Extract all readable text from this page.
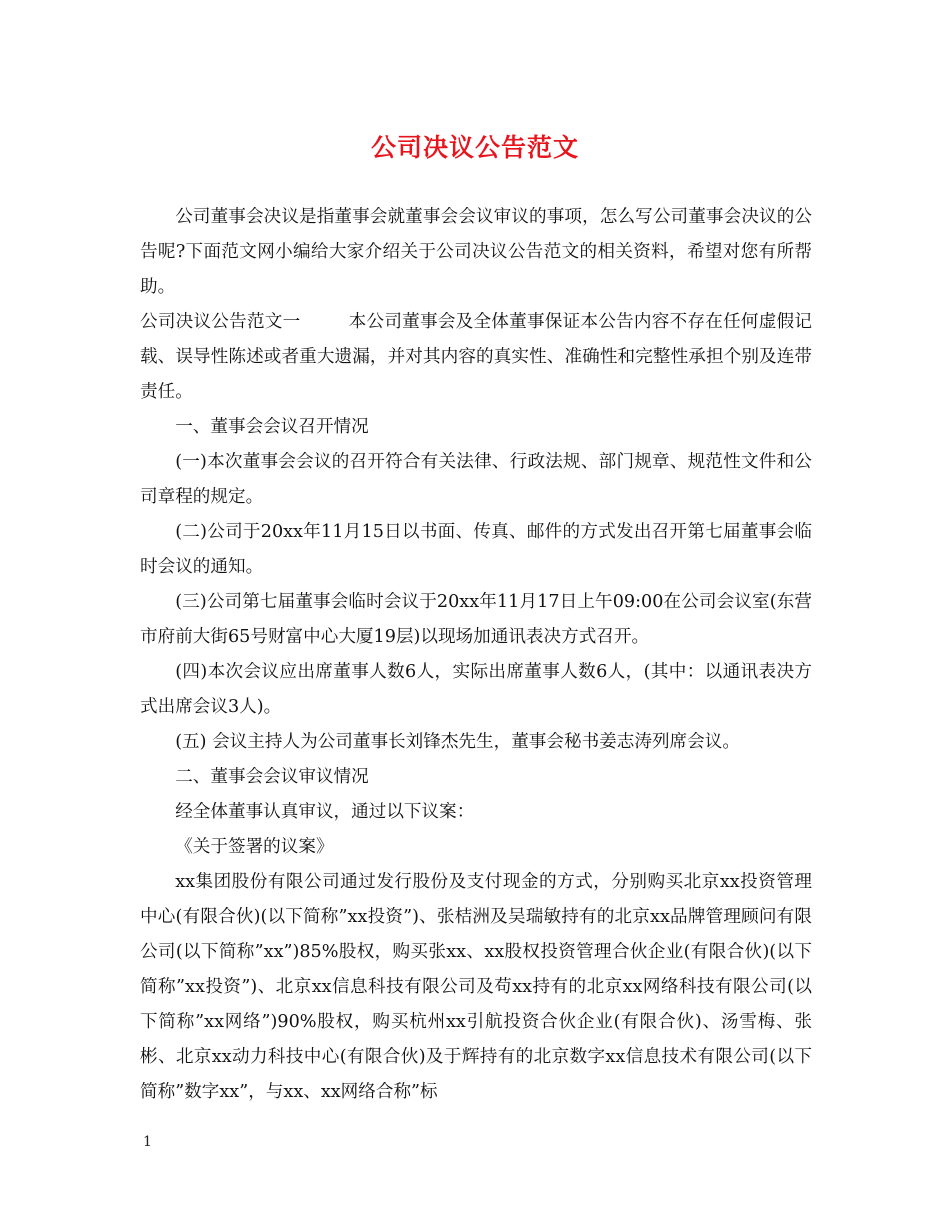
公司决议公告范文

公司董事会决议是指董事会就董事会会议审议的事项，怎么写公司董事会决议的公告呢?下面范文网小编给大家介绍关于公司决议公告范文的相关资料，希望对您有所帮助。

公司决议公告范文一	本公司董事会及全体董事保证本公告内容不存在任何虚假记载、误导性陈述或者重大遗漏，并对其内容的真实性、准确性和完整性承担个别及连带责任。

一、董事会会议召开情况

(一)本次董事会会议的召开符合有关法律、行政法规、部门规章、规范性文件和公司章程的规定。

(二)公司于20xx年11月15日以书面、传真、邮件的方式发出召开第七届董事会临时会议的通知。

(三)公司第七届董事会临时会议于20xx年11月17日上午09:00在公司会议室(东营市府前大街65号财富中心大厦19层)以现场加通讯表决方式召开。

(四)本次会议应出席董事人数6人，实际出席董事人数6人，(其中：以通讯表决方式出席会议3人)。

(五) 会议主持人为公司董事长刘锋杰先生，董事会秘书姜志涛列席会议。

二、董事会会议审议情况

经全体董事认真审议，通过以下议案：

《关于签署的议案》

xx集团股份有限公司通过发行股份及支付现金的方式，分别购买北京xx投资管理中心(有限合伙)(以下简称”xx投资”)、张桔洲及吴瑞敏持有的北京xx品牌管理顾问有限公司(以下简称”xx”)85%股权，购买张xx、xx股权投资管理合伙企业(有限合伙)(以下简称”xx投资”)、北京xx信息科技有限公司及苟xx持有的北京xx网络科技有限公司(以下简称”xx网络”)90%股权，购买杭州xx引航投资合伙企业(有限合伙)、汤雪梅、张彬、北京xx动力科技中心(有限合伙)及于辉持有的北京数字xx信息技术有限公司(以下简称”数字xx”，与xx、xx网络合称”标

1
